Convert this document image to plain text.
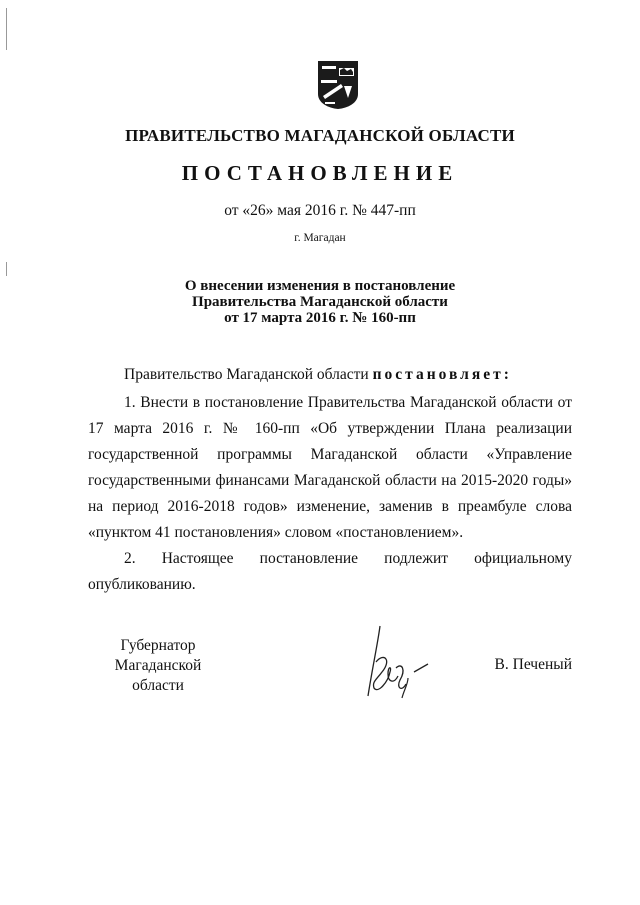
ПРАВИТЕЛЬСТВО МАГАДАНСКОЙ ОБЛАСТИ
ПОСТАНОВЛЕНИЕ
от «26» мая 2016 г. № 447-пп
г. Магадан
О внесении изменения в постановление
Правительства Магаданской области
от 17 марта 2016 г. № 160-пп
Правительство Магаданской области постановляет:
1. Внести в постановление Правительства Магаданской области от 17 марта 2016 г. № 160-пп «Об утверждении Плана реализации государственной программы Магаданской области «Управление государственными финансами Магаданской области на 2015-2020 годы» на период 2016-2018 годов» изменение, заменив в преамбуле слова «пунктом 41 постановления» словом «постановлением».
2. Настоящее постановление подлежит официальному
опубликованию.
Губернатор
Магаданской области
В. Печеный
